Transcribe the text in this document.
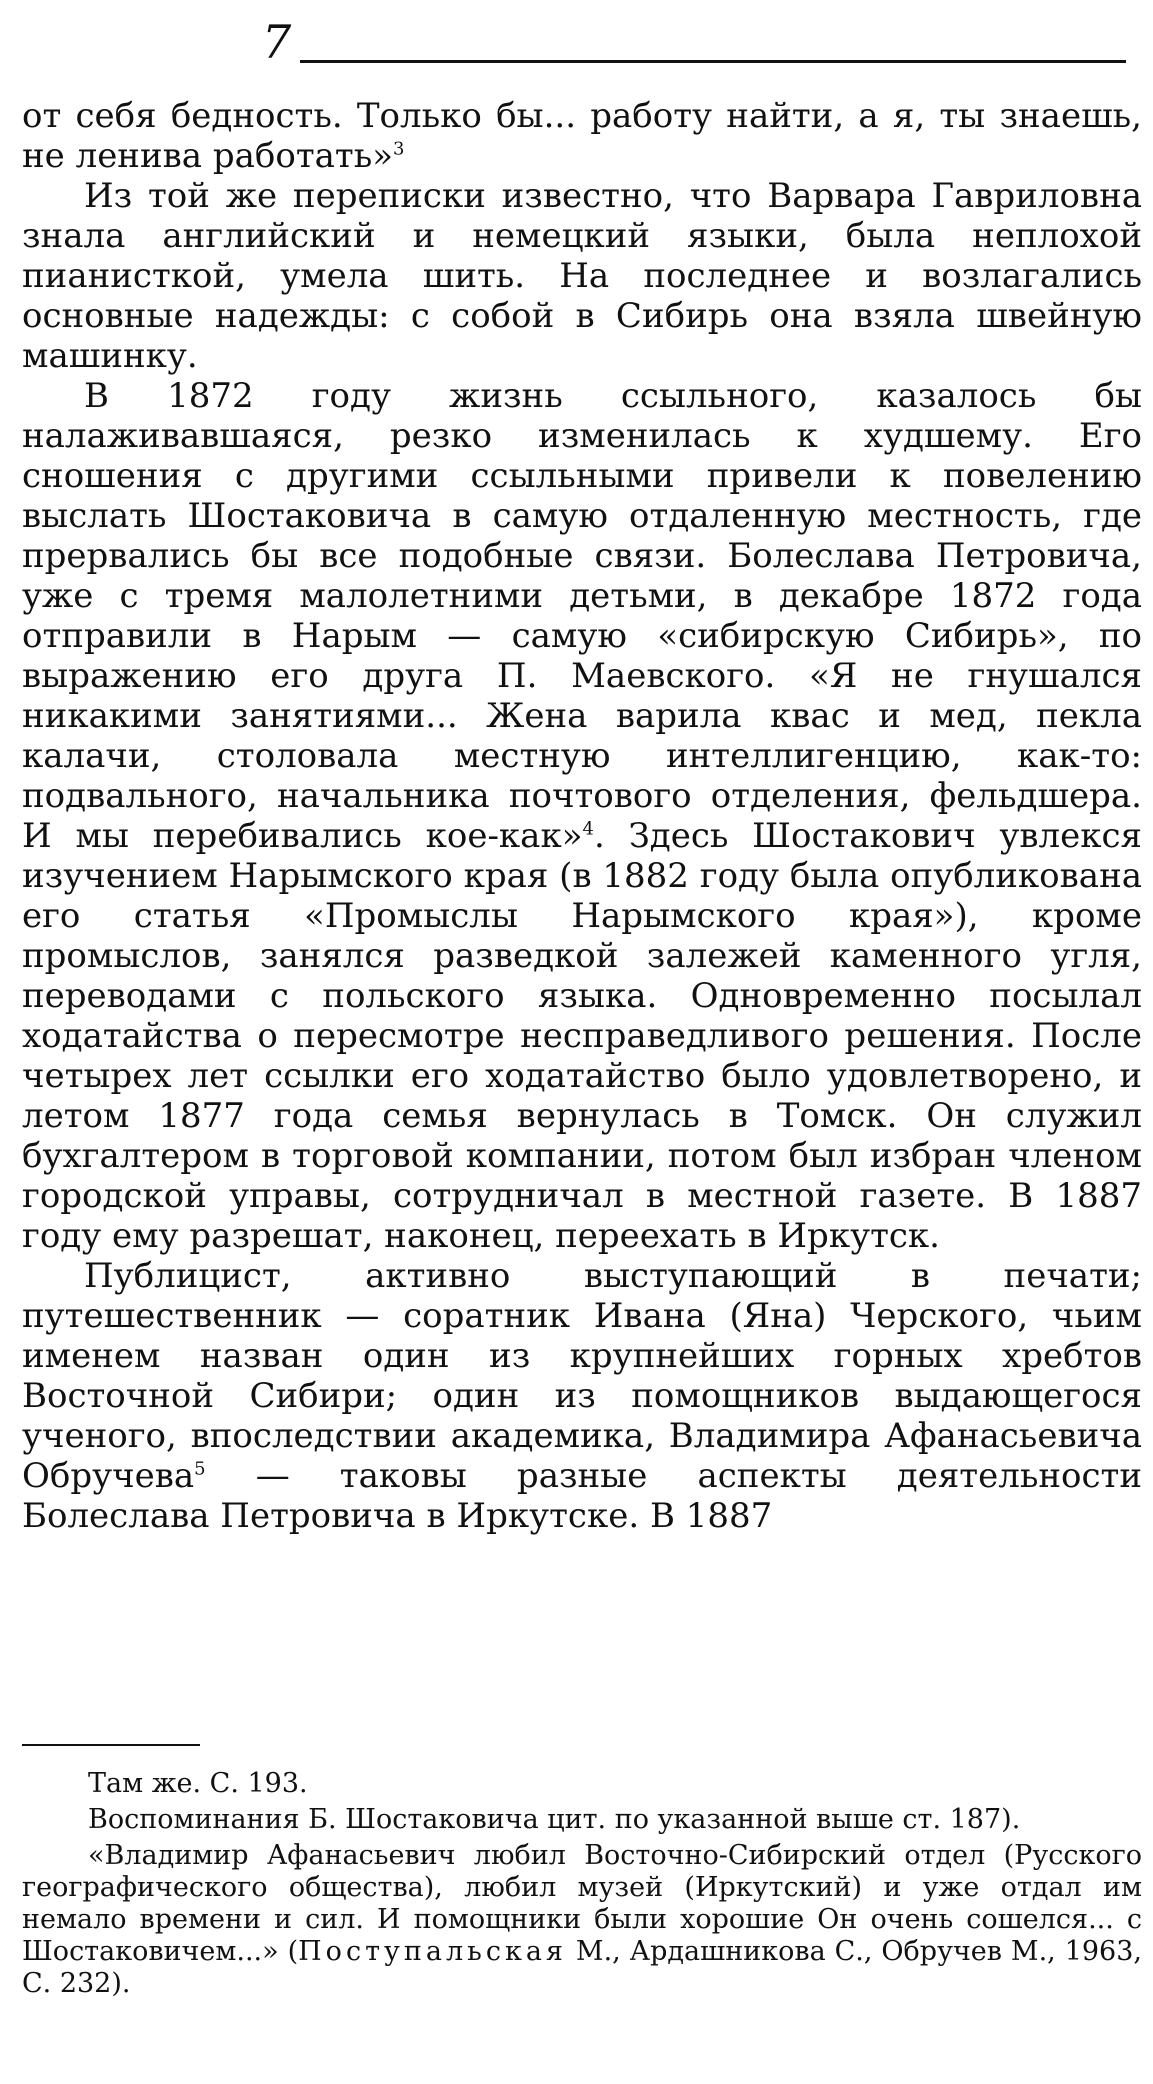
7

от себя бедность. Только бы... работу найти, а я, ты знаешь, не ленива работать»$^3$

Из той же переписки известно, что Варвара Гавриловна знала английский и немецкий языки, была неплохой пианисткой, умела шить. На последнее и возлагались основные надежды: с собой в Сибирь она взяла швейную машинку.

В 1872 году жизнь ссыльного, казалось бы налаживавшаяся, резко изменилась к худшему. Его сношения с другими ссыльными привели к повелению выслать Шостаковича в самую отдаленную местность, где прервались бы все подобные связи. Болеслава Петровича, уже с тремя малолетними детьми, в декабре 1872 года отправили в Нарым — самую «сибирскую Сибирь», по выражению его друга П. Маевского. «Я не гнушался никакими занятиями... Жена варила квас и мед, пекла калачи, столовала местную интеллигенцию, как-то: подвального, начальника почтового отделения, фельдшера. И мы перебивались кое-как»$^4$. Здесь Шостакович увлекся изучением Нарымского края (в 1882 году была опубликована его статья «Промыслы Нарымского края»), кроме промыслов, занялся разведкой залежей каменного угля, переводами с польского языка. Одновременно посылал ходатайства о пересмотре несправедливого решения. После четырех лет ссылки его ходатайство было удовлетворено, и летом 1877 года семья вернулась в Томск. Он служил бухгалтером в торговой компании, потом был избран членом городской управы, сотрудничал в местной газете. В 1887 году ему разрешат, наконец, переехать в Иркутск.

Публицист, активно выступающий в печати; путешественник — соратник Ивана (Яна) Черского, чьим именем назван один из крупнейших горных хребтов Восточной Сибири; один из помощников выдающегося ученого, впоследствии академика, Владимира Афанасьевича Обручева$^5$ — таковы разные аспекты деятельности Болеслава Петровича в Иркутске. В 1887

Там же. С. 193.

Воспоминания Б. Шостаковича цит. по указанной выше ст. 187).

«Владимир Афанасьевич любил Восточно-Сибирский отдел (Русского географического общества), любил музей (Иркутский) и уже отдал им немало времени и сил. И помощники были хорошие Он очень сошелся... с Шостаковичем...» (Поступальская М., Ардашникова С., Обручев М., 1963, С. 232).
